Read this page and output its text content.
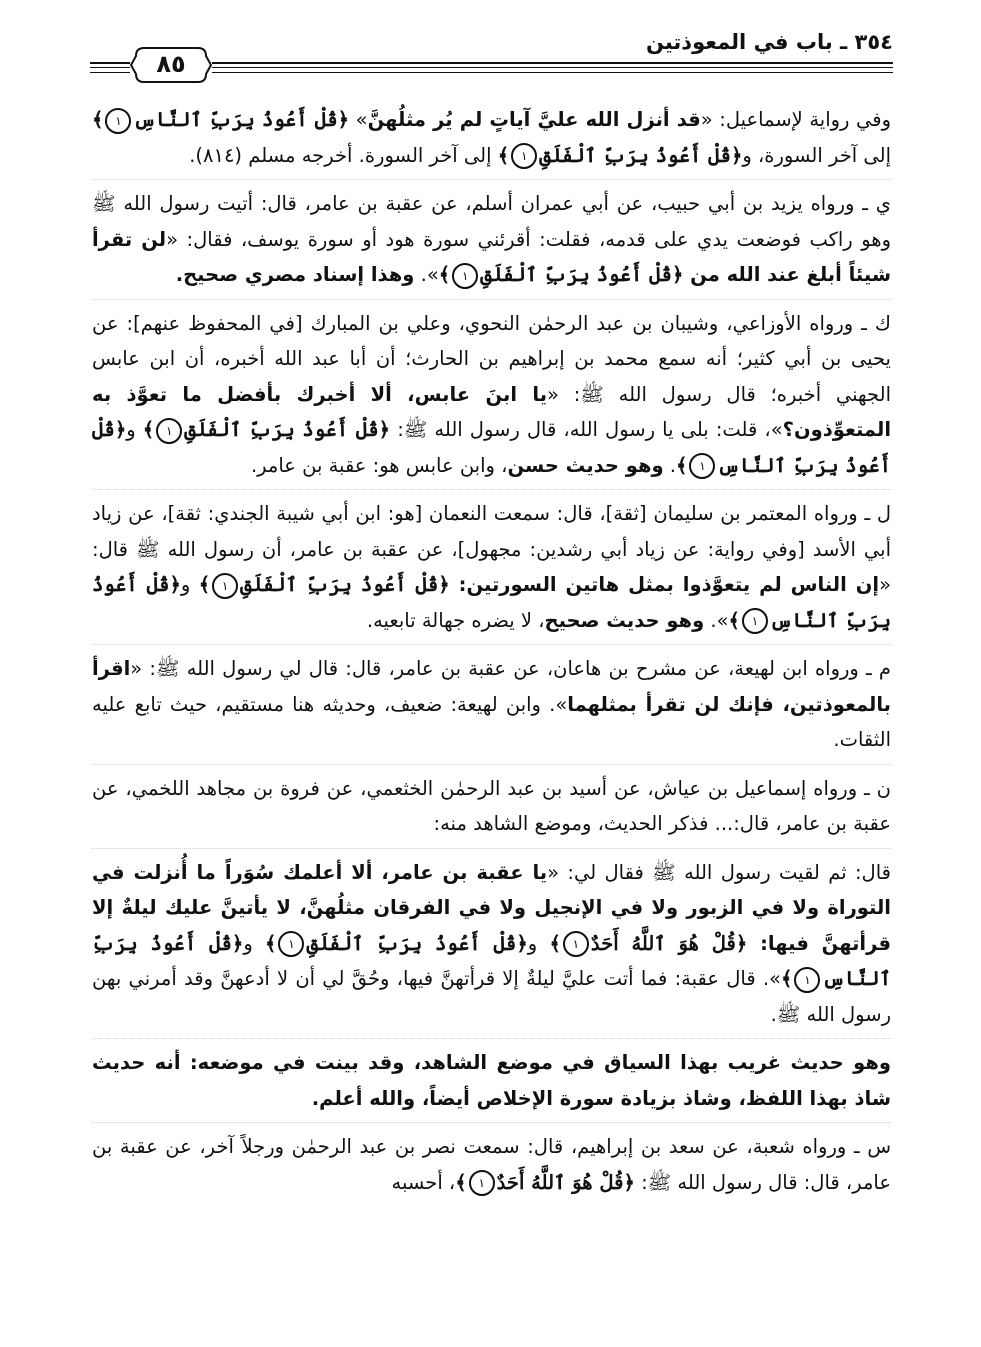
٣٥٤ ـ باب في المعوذتين
٨٥

وفي رواية لإسماعيل: «قد أنزل الله عليَّ آياتٍ لم يُر مثلُهنَّ» ﴿قُلْ أَعُوذُ بِرَبِّ ٱلنَّاسِ١﴾ إلى آخر السورة، و﴿قُلْ أَعُوذُ بِرَبِّ ٱلْفَلَقِ١﴾ إلى آخر السورة. أخرجه مسلم (٨١٤).

ي ـ ورواه يزيد بن أبي حبيب، عن أبي عمران أسلم، عن عقبة بن عامر، قال: أتيت رسول الله ﷺ وهو راكب فوضعت يدي على قدمه، فقلت: أقرئني سورة هود أو سورة يوسف، فقال: «لن تقرأ شيئاً أبلغ عند الله من ﴿قُلْ أَعُوذُ بِرَبِّ ٱلْفَلَقِ١﴾». وهذا إسناد مصري صحيح.

ك ـ ورواه الأوزاعي، وشيبان بن عبد الرحمٰن النحوي، وعلي بن المبارك [في المحفوظ عنهم]: عن يحيى بن أبي كثير؛ أنه سمع محمد بن إبراهيم بن الحارث؛ أن أبا عبد الله أخبره، أن ابن عابس الجهني أخبره؛ قال رسول الله ﷺ: «يا ابنَ عابس، ألا أخبرك بأفضل ما تعوَّذ به المتعوِّذون؟»، قلت: بلى يا رسول الله، قال رسول الله ﷺ: ﴿قُلْ أَعُوذُ بِرَبِّ ٱلْفَلَقِ١﴾ و﴿قُلْ أَعُوذُ بِرَبِّ ٱلنَّاسِ١﴾. وهو حديث حسن، وابن عابس هو: عقبة بن عامر.

ل ـ ورواه المعتمر بن سليمان [ثقة]، قال: سمعت النعمان [هو: ابن أبي شيبة الجندي: ثقة]، عن زياد أبي الأسد [وفي رواية: عن زياد أبي رشدين: مجهول]، عن عقبة بن عامر، أن رسول الله ﷺ قال: «إن الناس لم يتعوَّذوا بمثل هاتين السورتين: ﴿قُلْ أَعُوذُ بِرَبِّ ٱلْفَلَقِ١﴾ و﴿قُلْ أَعُوذُ بِرَبِّ ٱلنَّاسِ١﴾». وهو حديث صحيح، لا يضره جهالة تابعيه.

م ـ ورواه ابن لهيعة، عن مشرح بن هاعان، عن عقبة بن عامر، قال: قال لي رسول الله ﷺ: «اقرأ بالمعوذتين، فإنك لن تقرأ بمثلهما». وابن لهيعة: ضعيف، وحديثه هنا مستقيم، حيث تابع عليه الثقات.

ن ـ ورواه إسماعيل بن عياش، عن أسيد بن عبد الرحمٰن الخثعمي، عن فروة بن مجاهد اللخمي، عن عقبة بن عامر، قال:... فذكر الحديث، وموضع الشاهد منه:

قال: ثم لقيت رسول الله ﷺ فقال لي: «يا عقبة بن عامر، ألا أعلمك سُوَراً ما أُنزلت في التوراة ولا في الزبور ولا في الإنجيل ولا في الفرقان مثلُهنَّ، لا يأتينَّ عليك ليلةٌ إلا قرأتهنَّ فيها: ﴿قُلْ هُوَ ٱللَّهُ أَحَدٌ١﴾ و﴿قُلْ أَعُوذُ بِرَبِّ ٱلْفَلَقِ١﴾ و﴿قُلْ أَعُوذُ بِرَبِّ ٱلنَّاسِ١﴾». قال عقبة: فما أتت عليَّ ليلةٌ إلا قرأتهنَّ فيها، وحُقَّ لي أن لا أدعهنَّ وقد أمرني بهن رسول الله ﷺ.

وهو حديث غريب بهذا السياق في موضع الشاهد، وقد بينت في موضعه: أنه حديث شاذ بهذا اللفظ، وشاذ بزيادة سورة الإخلاص أيضاً، والله أعلم.

س ـ ورواه شعبة، عن سعد بن إبراهيم، قال: سمعت نصر بن عبد الرحمٰن ورجلاً آخر، عن عقبة بن عامر، قال: قال رسول الله ﷺ: ﴿قُلْ هُوَ ٱللَّهُ أَحَدٌ١﴾، أحسبه
